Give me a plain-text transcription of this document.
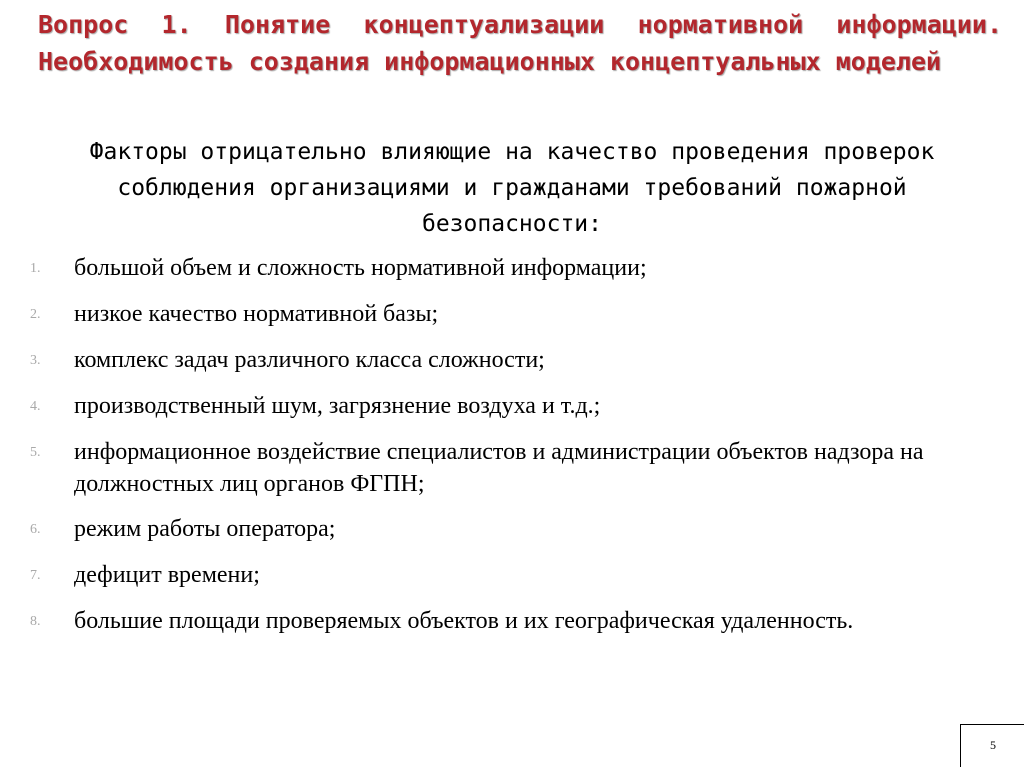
Вопрос 1. Понятие концептуализации нормативной информации. Необходимость создания информационных концептуальных моделей

Факторы отрицательно влияющие на качество проведения проверок соблюдения организациями и гражданами требований пожарной безопасности:

1.	большой объем и сложность нормативной информации;
2.	низкое качество нормативной базы;
3.	комплекс задач различного класса сложности;
4.	производственный шум, загрязнение воздуха и т.д.;
5.	информационное воздействие специалистов и администрации объектов надзора на должностных лиц органов ФГПН;
6.	режим работы оператора;
7.	дефицит времени;
8.	большие площади проверяемых объектов и их географическая удаленность.
5
